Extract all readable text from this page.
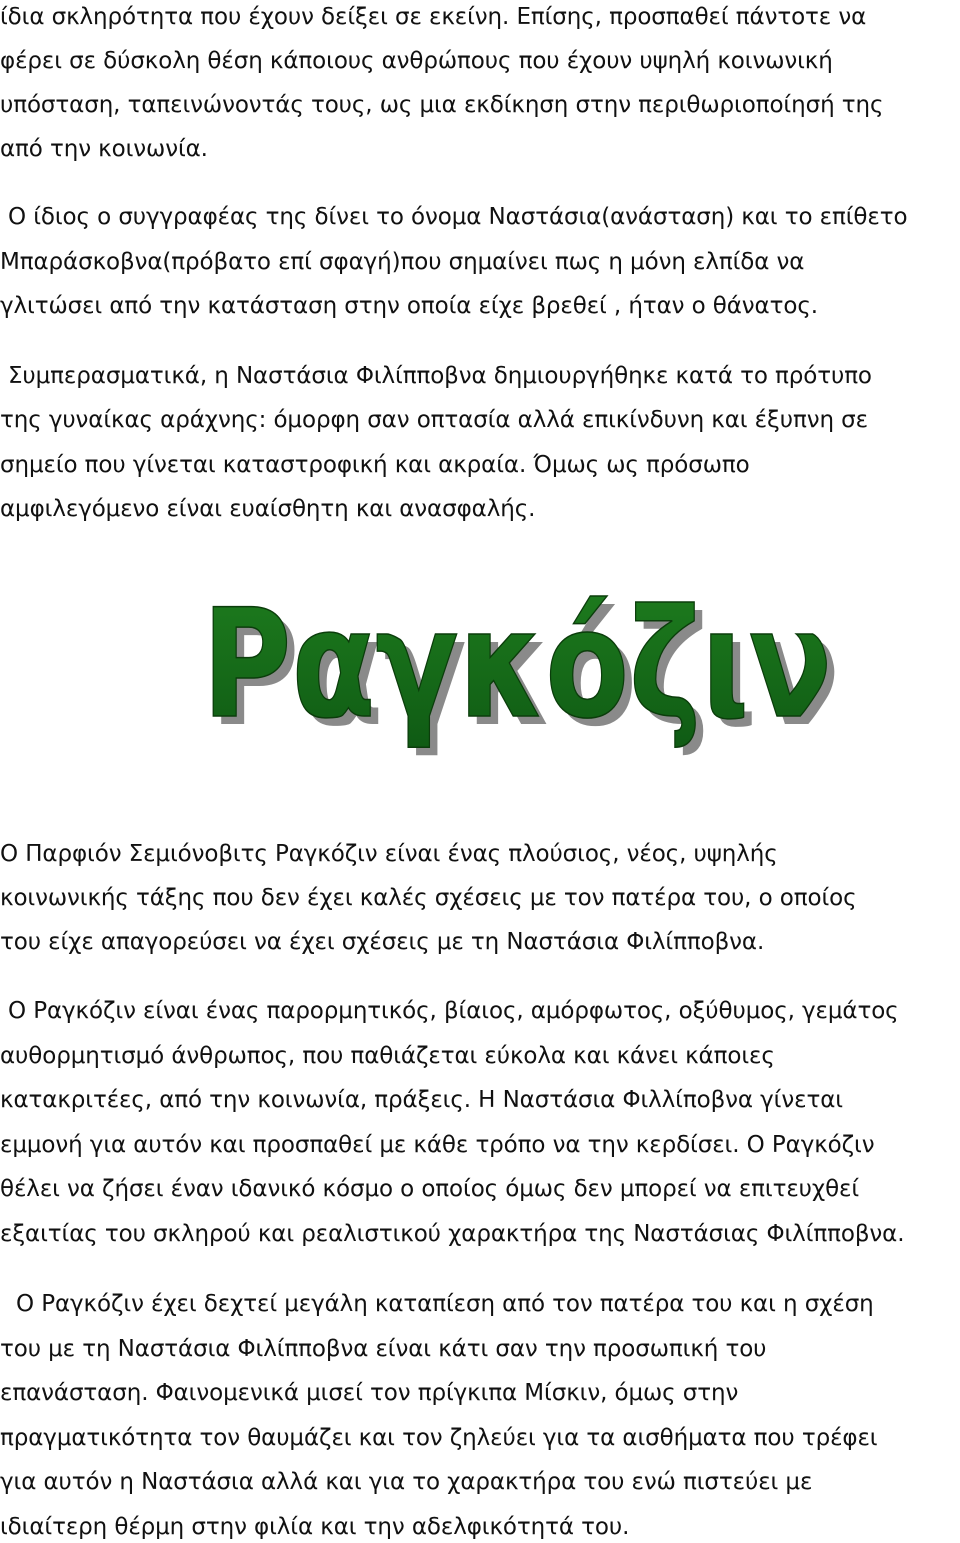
ίδια σκληρότητα που έχουν δείξει σε εκείνη. Επίσης, προσπαθεί πάντοτε να

φέρει σε δύσκολη θέση κάποιους ανθρώπους που έχουν υψηλή κοινωνική

υπόσταση, ταπεινώνοντάς τους, ως μια εκδίκηση στην περιθωριοποίησή της

από την κοινωνία.

Ο ίδιος ο συγγραφέας της δίνει το όνομα Ναστάσια(ανάσταση) και το επίθετο

Μπαράσκοβνα(πρόβατο επί σφαγή)που σημαίνει πως η μόνη ελπίδα να

γλιτώσει από την κατάσταση στην οποία είχε βρεθεί , ήταν ο θάνατος.

Συμπερασματικά, η Ναστάσια Φιλίπποβνα δημιουργήθηκε κατά το πρότυπο

της γυναίκας αράχνης: όμορφη σαν οπτασία αλλά επικίνδυνη και έξυπνη σε

σημείο που γίνεται καταστροφική και ακραία. Όμως ως πρόσωπο

αμφιλεγόμενο είναι ευαίσθητη και ανασφαλής.

Ραγκόζιν
Ραγκόζιν

Ο Παρφιόν Σεμιόνοβιτς Ραγκόζιν είναι ένας πλούσιος, νέος, υψηλής

κοινωνικής τάξης που δεν έχει καλές σχέσεις με τον πατέρα του, ο οποίος

του είχε απαγορεύσει να έχει σχέσεις με τη Ναστάσια Φιλίπποβνα.

Ο Ραγκόζιν είναι ένας παρορμητικός, βίαιος, αμόρφωτος, οξύθυμος, γεμάτος

αυθορμητισμό άνθρωπος, που παθιάζεται εύκολα και κάνει κάποιες

κατακριτέες, από την κοινωνία, πράξεις. Η Ναστάσια Φιλλίποβνα γίνεται

εμμονή για αυτόν και προσπαθεί με κάθε τρόπο να την κερδίσει. Ο Ραγκόζιν

θέλει να ζήσει έναν ιδανικό κόσμο ο οποίος όμως δεν μπορεί να επιτευχθεί

εξαιτίας του σκληρού και ρεαλιστικού χαρακτήρα της Ναστάσιας Φιλίπποβνα.

Ο Ραγκόζιν έχει δεχτεί μεγάλη καταπίεση από τον πατέρα του και η σχέση

του με τη Ναστάσια Φιλίπποβνα είναι κάτι σαν την προσωπική του

επανάσταση. Φαινομενικά μισεί τον πρίγκιπα Μίσκιν, όμως στην

πραγματικότητα τον θαυμάζει και τον ζηλεύει για τα αισθήματα που τρέφει

για αυτόν η Ναστάσια αλλά και για το χαρακτήρα του ενώ πιστεύει με

ιδιαίτερη θέρμη στην φιλία και την αδελφικότητά του.
